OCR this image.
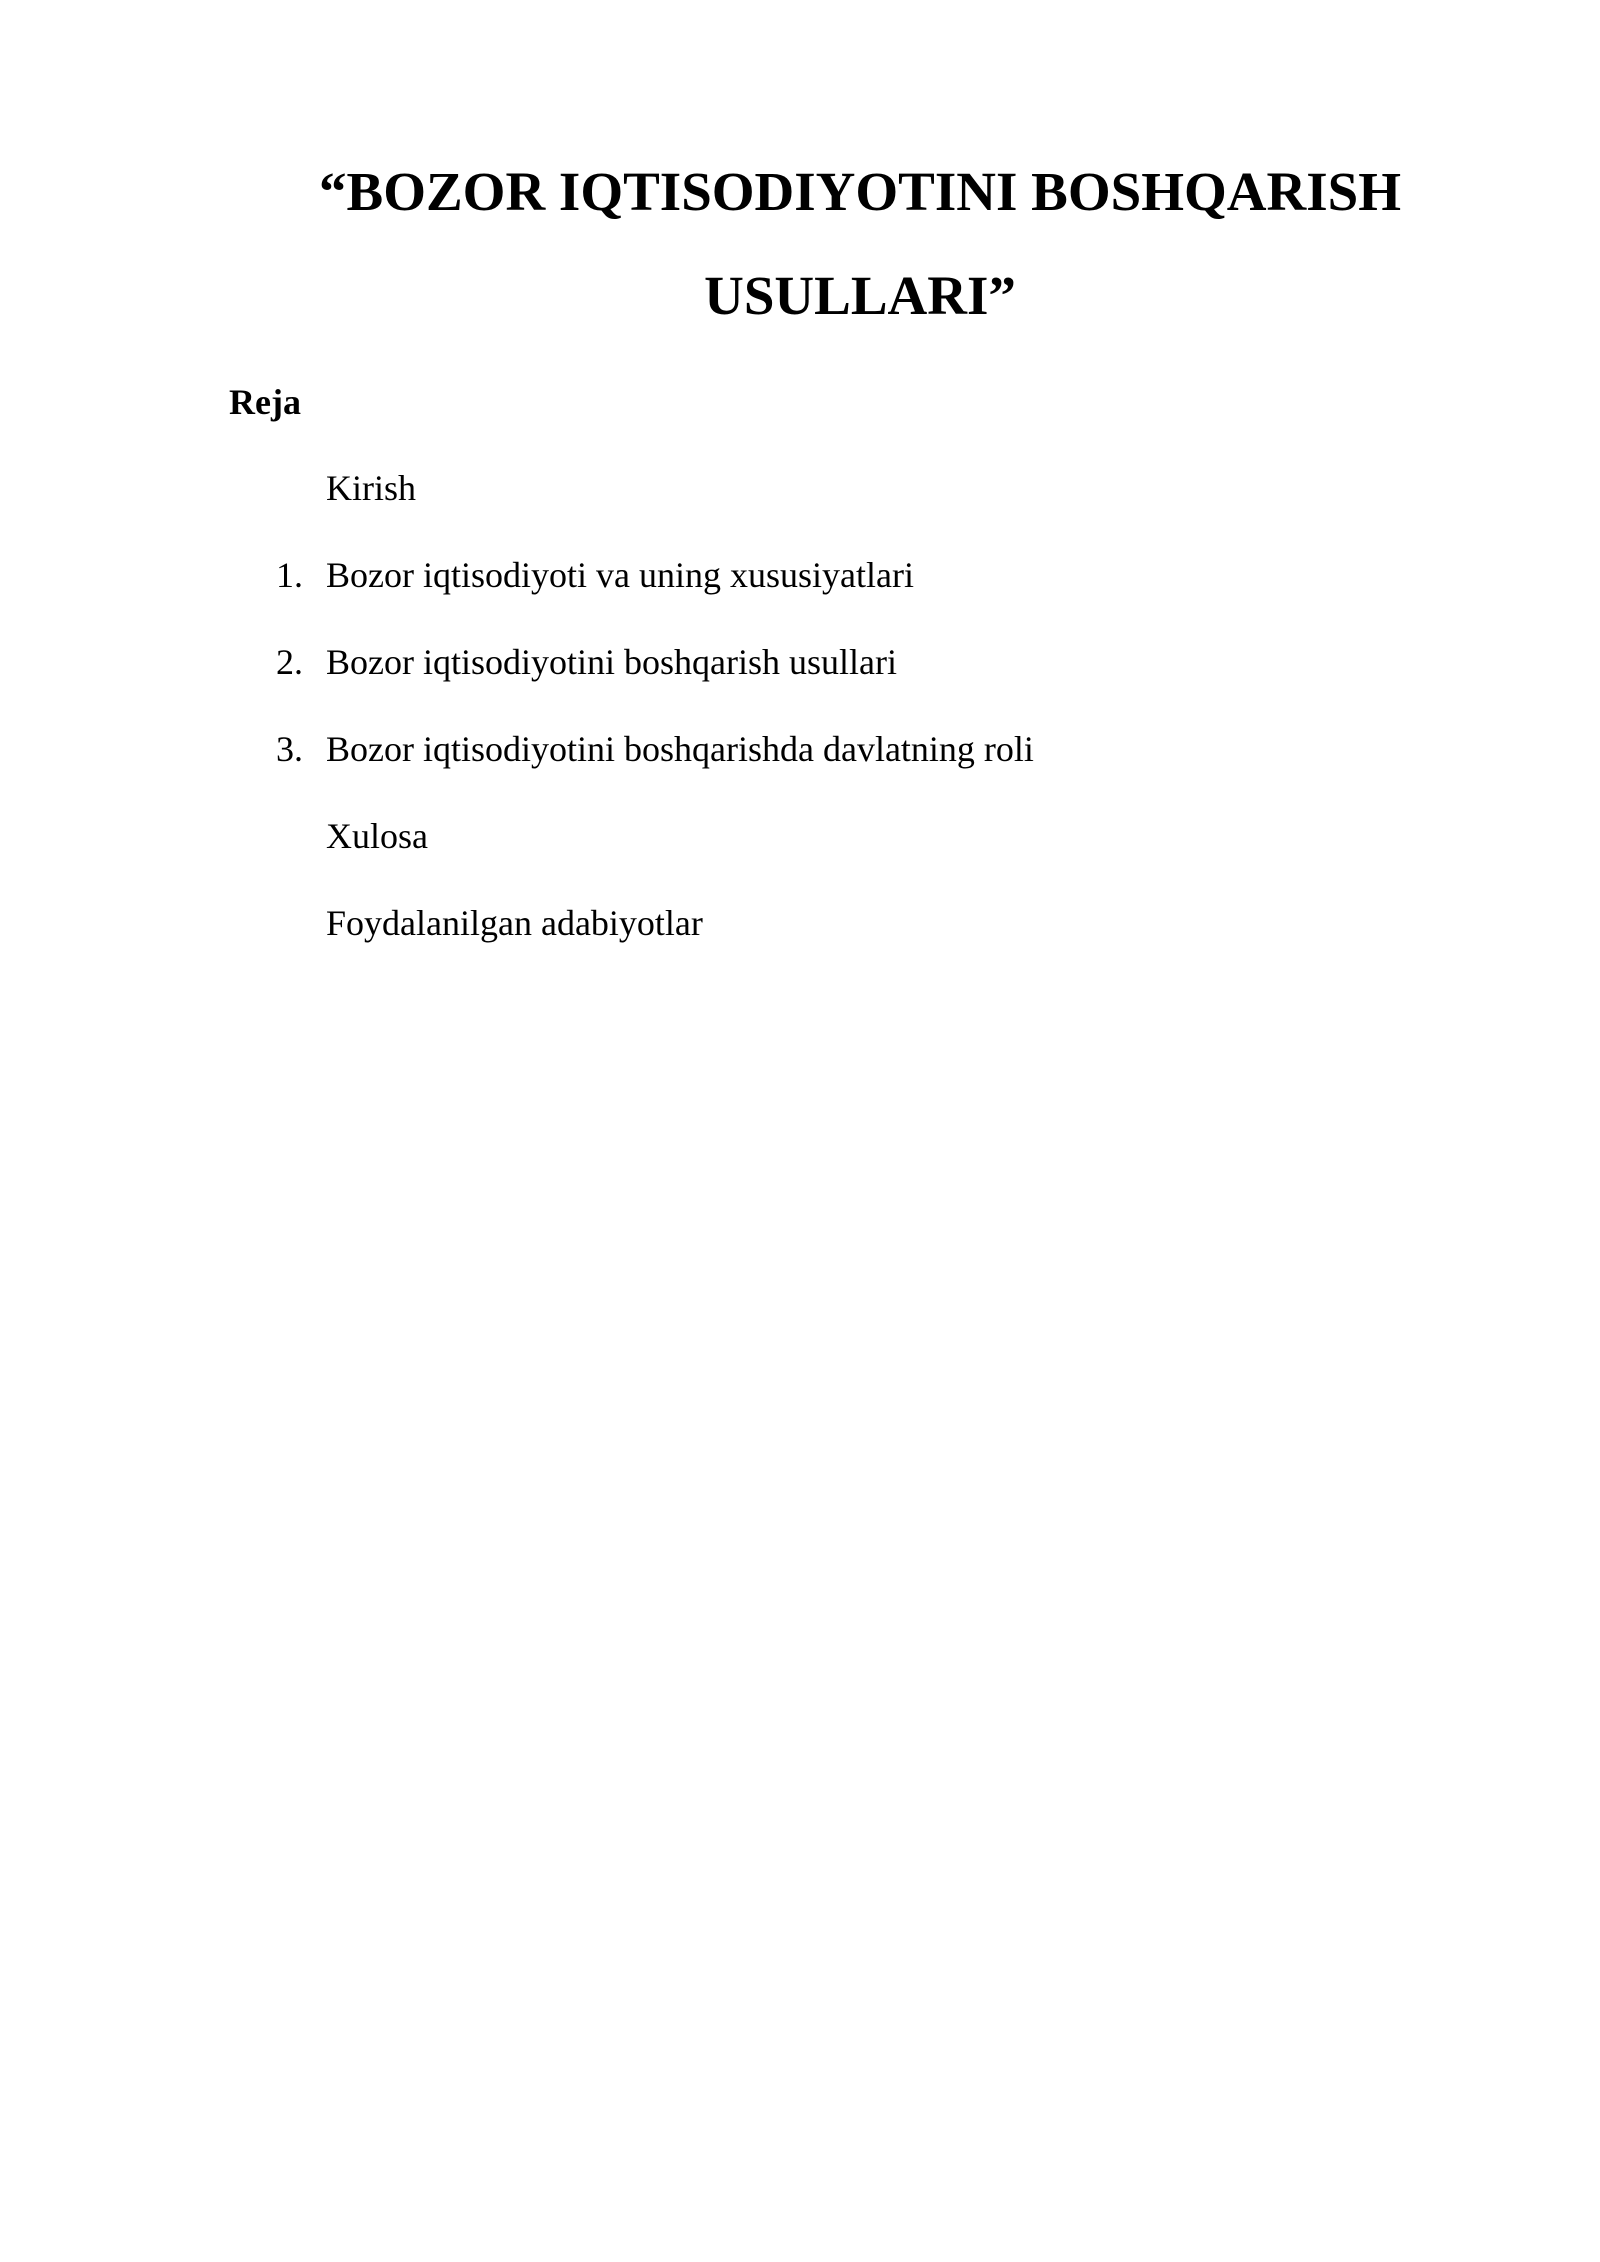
“BOZOR IQTISODIYOTINI BOSHQARISH
USULLARI”
Reja
Kirish
1. Bozor iqtisodiyoti va uning xususiyatlari
2. Bozor iqtisodiyotini boshqarish usullari
3. Bozor iqtisodiyotini boshqarishda davlatning roli
Xulosa
Foydalanilgan adabiyotlar
